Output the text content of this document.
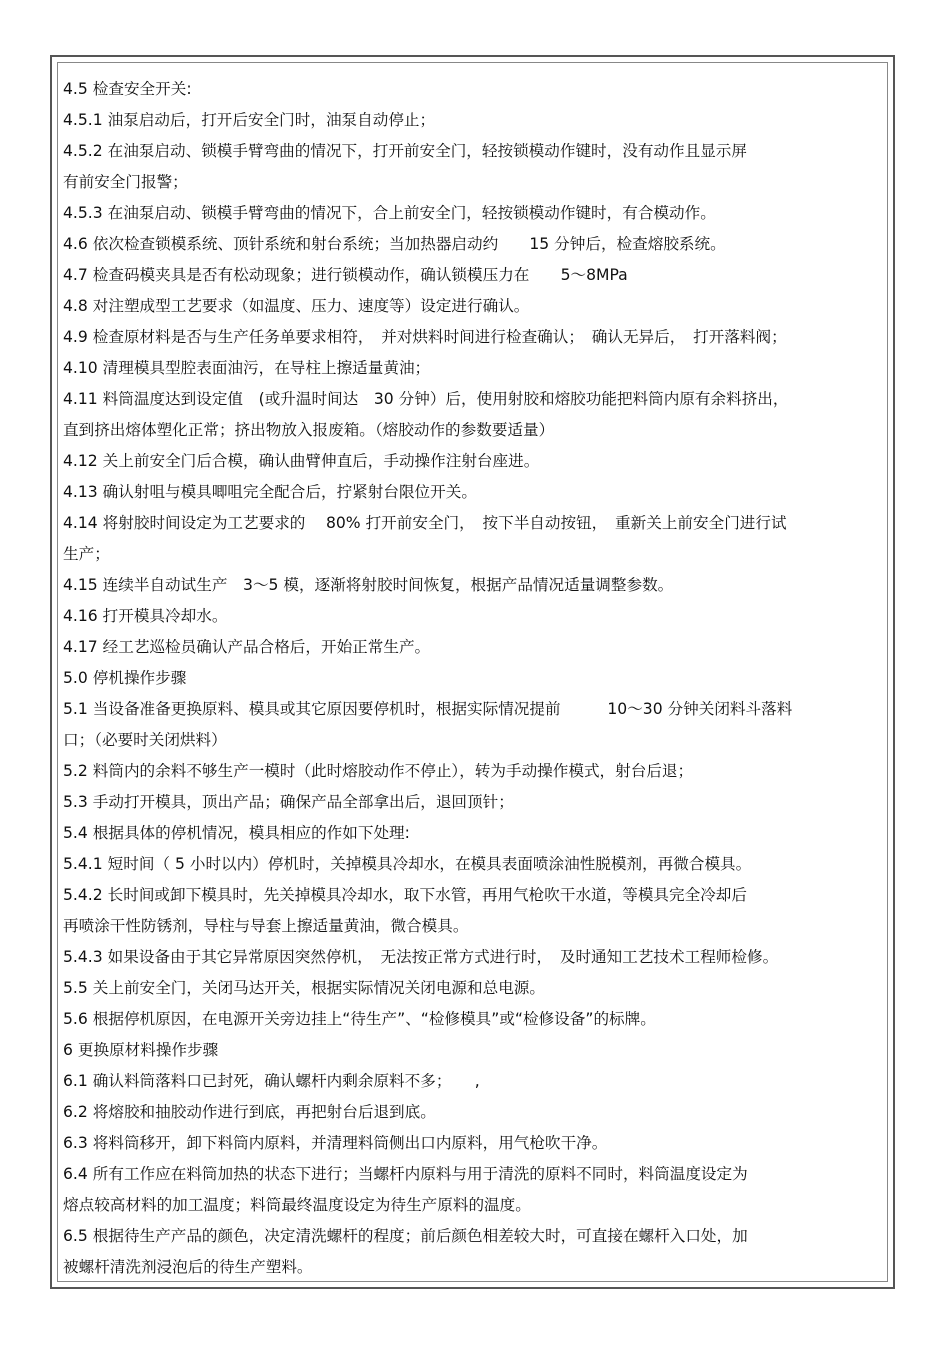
4.5 检查安全开关:
4.5.1 油泵启动后，打开后安全门时，油泵自动停止；
4.5.2 在油泵启动、锁模手臂弯曲的情况下，打开前安全门，轻按锁模动作键时，没有动作且显示屏
有前安全门报警；
4.5.3 在油泵启动、锁模手臂弯曲的情况下，合上前安全门，轻按锁模动作键时，有合模动作。
4.6 依次检查锁模系统、顶针系统和射台系统；当加热器启动约　　15 分钟后，检查熔胶系统。
4.7 检查码模夹具是否有松动现象；进行锁模动作，确认锁模压力在　　5～8MPa
4.8 对注塑成型工艺要求（如温度、压力、速度等）设定进行确认。
4.9 检查原材料是否与生产任务单要求相符，　并对烘料时间进行检查确认；　确认无异后，　打开落料阀；
4.10 清理模具型腔表面油污，在导柱上擦适量黄油；
4.11 料筒温度达到设定值　(或升温时间达　30 分钟）后，使用射胶和熔胶功能把料筒内原有余料挤出，
直到挤出熔体塑化正常；挤出物放入报废箱。（熔胶动作的参数要适量）
4.12 关上前安全门后合模，确认曲臂伸直后，手动操作注射台座进。
4.13 确认射咀与模具唧咀完全配合后，拧紧射台限位开关。
4.14 将射胶时间设定为工艺要求的　 80% 打开前安全门，　按下半自动按钮，　重新关上前安全门进行试
生产；
4.15 连续半自动试生产　3～5 模，逐渐将射胶时间恢复，根据产品情况适量调整参数。
4.16 打开模具冷却水。
4.17 经工艺巡检员确认产品合格后，开始正常生产。
5.0 停机操作步骤
5.1 当设备准备更换原料、模具或其它原因要停机时，根据实际情况提前　　　10～30 分钟关闭料斗落料
口；（必要时关闭烘料）
5.2 料筒内的余料不够生产一模时（此时熔胶动作不停止），转为手动操作模式，射台后退；
5.3 手动打开模具，顶出产品；确保产品全部拿出后，退回顶针；
5.4 根据具体的停机情况，模具相应的作如下处理:
5.4.1 短时间（ 5 小时以内）停机时，关掉模具冷却水，在模具表面喷涂油性脱模剂，再微合模具。
5.4.2 长时间或卸下模具时，先关掉模具冷却水，取下水管，再用气枪吹干水道，等模具完全冷却后
再喷涂干性防锈剂，导柱与导套上擦适量黄油，微合模具。
5.4.3 如果设备由于其它异常原因突然停机，　无法按正常方式进行时，　及时通知工艺技术工程师检修。
5.5 关上前安全门，关闭马达开关，根据实际情况关闭电源和总电源。
5.6 根据停机原因，在电源开关旁边挂上“待生产”、“检修模具”或“检修设备”的标牌。
6 更换原材料操作步骤
6.1 确认料筒落料口已封死，确认螺杆内剩余原料不多；　　,
6.2 将熔胶和抽胶动作进行到底，再把射台后退到底。
6.3 将料筒移开，卸下料筒内原料，并清理料筒侧出口内原料，用气枪吹干净。
6.4 所有工作应在料筒加热的状态下进行；当螺杆内原料与用于清洗的原料不同时，料筒温度设定为
熔点较高材料的加工温度；料筒最终温度设定为待生产原料的温度。
6.5 根据待生产产品的颜色，决定清洗螺杆的程度；前后颜色相差较大时，可直接在螺杆入口处，加
被螺杆清洗剂浸泡后的待生产塑料。
